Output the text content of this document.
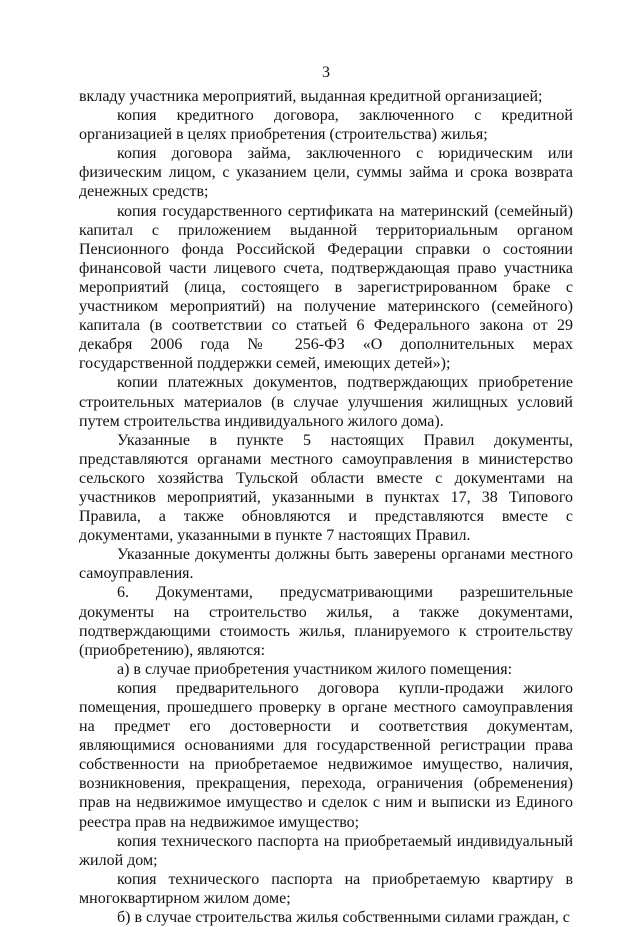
3

вкладу участника мероприятий, выданная кредитной организацией;

копия кредитного договора, заключенного с кредитной организацией в целях приобретения (строительства) жилья;

копия договора займа, заключенного с юридическим или физическим лицом, с указанием цели, суммы займа и срока возврата денежных средств;

копия государственного сертификата на материнский (семейный) капитал с приложением выданной территориальным органом Пенсионного фонда Российской Федерации справки о состоянии финансовой части лицевого счета, подтверждающая право участника мероприятий (лица, состоящего в зарегистрированном браке с участником мероприятий) на получение материнского (семейного) капитала (в соответствии со статьей 6 Федерального закона от 29 декабря 2006 года № 256-ФЗ «О дополнительных мерах государственной поддержки семей, имеющих детей»);

копии платежных документов, подтверждающих приобретение строительных материалов (в случае улучшения жилищных условий путем строительства индивидуального жилого дома).

Указанные в пункте 5 настоящих Правил документы, представляются органами местного самоуправления в министерство сельского хозяйства Тульской области вместе с документами на участников мероприятий, указанными в пунктах 17, 38 Типового Правила, а также обновляются и представляются вместе с документами, указанными в пункте 7 настоящих Правил.

Указанные документы должны быть заверены органами местного самоуправления.

6. Документами, предусматривающими разрешительные документы на строительство жилья, а также документами, подтверждающими стоимость жилья, планируемого к строительству (приобретению), являются:

а) в случае приобретения участником жилого помещения:

копия предварительного договора купли-продажи жилого помещения, прошедшего проверку в органе местного самоуправления на предмет его достоверности и соответствия документам, являющимися основаниями для государственной регистрации права собственности на приобретаемое недвижимое имущество, наличия, возникновения, прекращения, перехода, ограничения (обременения) прав на недвижимое имущество и сделок с ним и выписки из Единого реестра прав на недвижимое имущество;

копия технического паспорта на приобретаемый индивидуальный жилой дом;

копия технического паспорта на приобретаемую квартиру в многоквартирном жилом доме;

б) в случае строительства жилья собственными силами граждан, с
